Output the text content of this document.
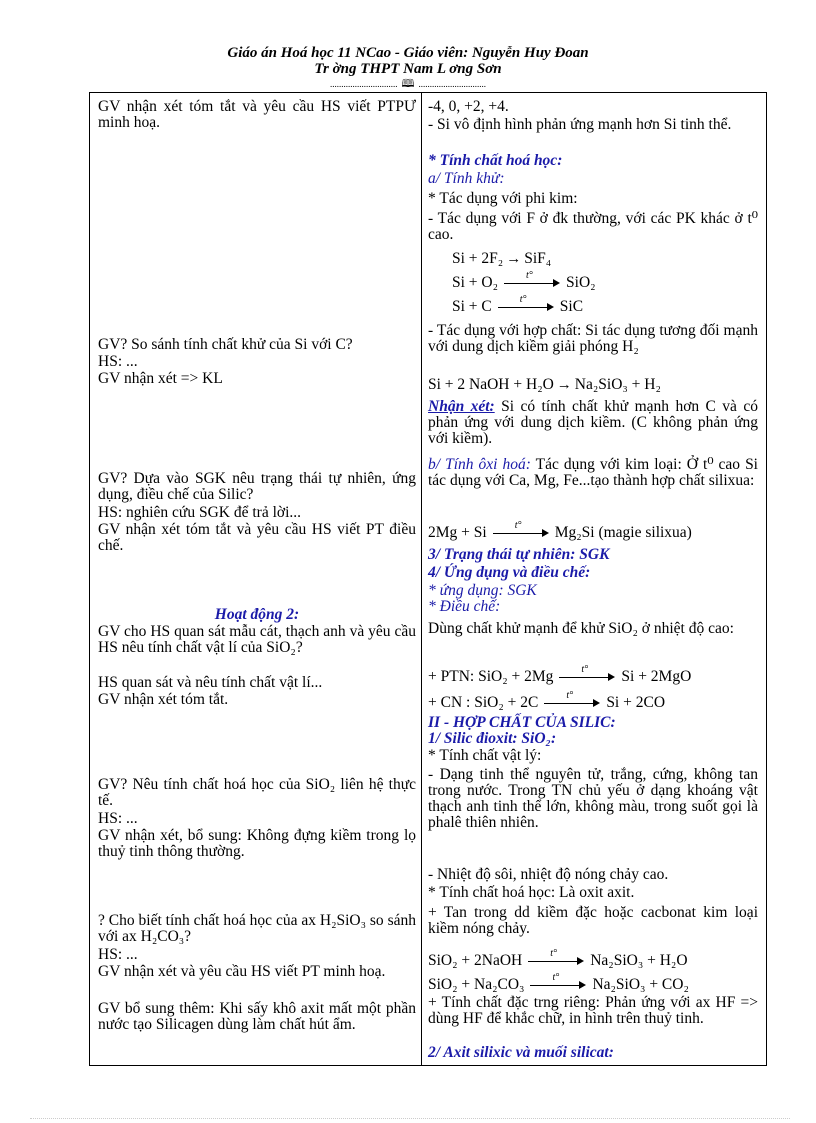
Giáo án Hoá học 11 NCao - Giáo viên: Nguyễn Huy Đoan
Tr ờng THPT Nam L ơng Sơn
.............................. 🕮 ..............................

GV nhận xét tóm tắt và yêu cầu HS viết PTPƯ minh hoạ.

GV? So sánh tính chất khử của Si với C?

HS: ...

GV nhận xét => KL

GV? Dựa vào SGK nêu trạng thái tự nhiên, ứng dụng, điều chế của Silic?

HS: nghiên cứu SGK để trả lời...

GV nhận xét tóm tắt và yêu cầu HS viết PT điều chế.

Hoạt động 2:

GV cho HS quan sát mẫu cát, thạch anh và yêu cầu HS nêu tính chất vật lí của SiO₂?

HS quan sát và nêu tính chất vật lí...

GV nhận xét tóm tắt.

GV? Nêu tính chất hoá học của SiO₂ liên hệ thực tế.

HS: ...

GV nhận xét, bổ sung: Không đựng kiềm trong lọ thuỷ tinh thông thường.

? Cho biết tính chất hoá học của ax H₂SiO₃ so sánh với ax H₂CO₃?

HS: ...

GV nhận xét và yêu cầu HS viết PT minh hoạ.

GV bổ sung thêm: Khi sấy khô axit mất một phần nước tạo Silicagen dùng làm chất hút ẩm.

-4, 0, +2, +4.

- Si vô định hình phản ứng mạnh hơn Si tinh thể.

* Tính chất hoá học:

a/ Tính khử:

* Tác dụng với phi kim:

- Tác dụng với F ở đk thường, với các PK khác ở t⁰ cao.

Si + 2F₂ → SiF₄
Si + O₂	t° SiO₂
Si + C	t° SiC

- Tác dụng với hợp chất: Si tác dụng tương đối mạnh với dung dịch kiềm giải phóng H₂

Si + 2 NaOH + H₂O → Na₂SiO₃ + H₂

Nhận xét: Si có tính chất khử mạnh hơn C và có phản ứng với dung dịch kiềm. (C không phản ứng với kiềm).

b/ Tính ôxi hoá: Tác dụng với kim loại: Ở t⁰ cao Si tác dụng với Ca, Mg, Fe...tạo thành hợp chất silixua:

2Mg + Si	t° Mg₂Si (magie silixua)

3/ Trạng thái tự nhiên: SGK

4/ Ứng dụng và điều chế:

* ứng dụng: SGK

* Điều chế:

Dùng chất khử mạnh để khử SiO₂ ở nhiệt độ cao:

+ PTN: SiO₂ + 2Mg	t° Si + 2MgO
+ CN : SiO₂ + 2C	t° Si + 2CO

II - HỢP CHẤT CỦA SILIC:

1/ Silic đioxit: SiO₂:

* Tính chất vật lý:

- Dạng tinh thể nguyên tử, trắng, cứng, không tan trong nước. Trong TN chủ yếu ở dạng khoáng vật thạch anh tinh thể lớn, không màu, trong suốt gọi là phalê thiên nhiên.

- Nhiệt độ sôi, nhiệt độ nóng chảy cao.

* Tính chất hoá học: Là oxit axit.

+ Tan trong dd kiềm đặc hoặc cacbonat kim loại kiềm nóng chảy.

SiO₂ + 2NaOH	t° Na₂SiO₃ + H₂O
SiO₂ + Na₂CO₃	t° Na₂SiO₃ + CO₂

+ Tính chất đặc trng riêng: Phản ứng với ax HF => dùng HF để khắc chữ, in hình trên thuỷ tinh.

2/ Axit silixic và muối silicat:
